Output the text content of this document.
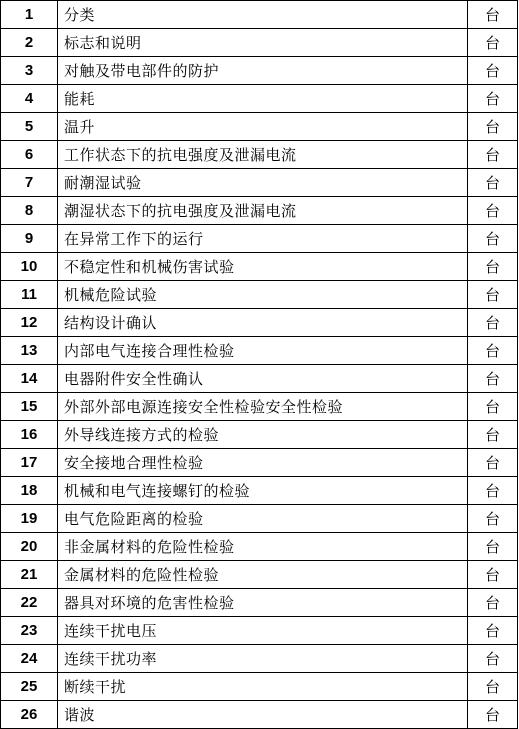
1	分类	台
2	标志和说明	台
3	对触及带电部件的防护	台
4	能耗	台
5	温升	台
6	工作状态下的抗电强度及泄漏电流	台
7	耐潮湿试验	台
8	潮湿状态下的抗电强度及泄漏电流	台
9	在异常工作下的运行	台
10	不稳定性和机械伤害试验	台
11	机械危险试验	台
12	结构设计确认	台
13	内部电气连接合理性检验	台
14	电器附件安全性确认	台
15	外部外部电源连接安全性检验安全性检验	台
16	外导线连接方式的检验	台
17	安全接地合理性检验	台
18	机械和电气连接螺钉的检验	台
19	电气危险距离的检验	台
20	非金属材料的危险性检验	台
21	金属材料的危险性检验	台
22	器具对环境的危害性检验	台
23	连续干扰电压	台
24	连续干扰功率	台
25	断续干扰	台
26	谐波	台
